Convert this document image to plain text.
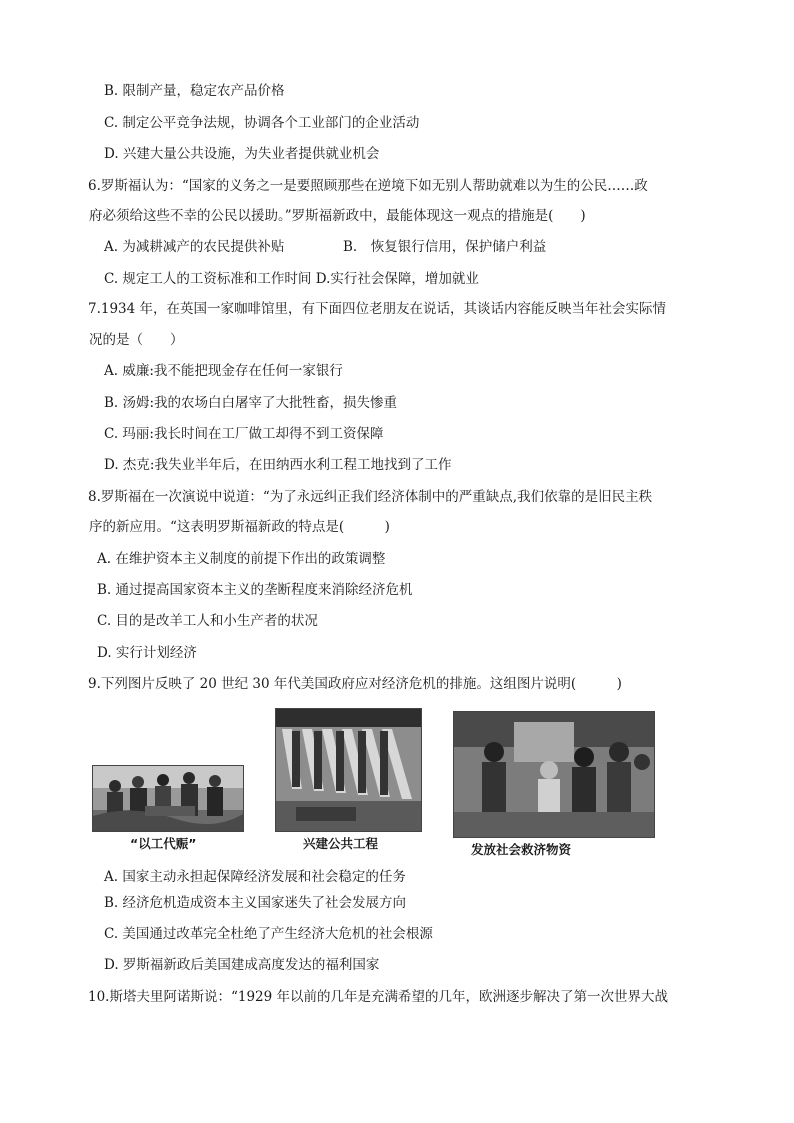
B. 限制产量，稳定农产品价格
C. 制定公平竞争法规，协调各个工业部门的企业活动
D. 兴建大量公共设施，为失业者提供就业机会
6.罗斯福认为：“国家的义务之一是要照顾那些在逆境下如无别人帮助就难以为生的公民……政
府必须给这些不幸的公民以援助。”罗斯福新政中，最能体现这一观点的措施是(　　)
A. 为减耕减产的农民提供补贴	B.　恢复银行信用，保护储户利益
C. 规定工人的工资标准和工作时间 D.实行社会保障，增加就业
7.1934 年，在英国一家咖啡馆里，有下面四位老朋友在说话，其谈话内容能反映当年社会实际情
况的是（　　）
A. 威廉:我不能把现金存在任何一家银行
B. 汤姆:我的农场白白屠宰了大批牲畜，损失惨重
C. 玛丽:我长时间在工厂做工却得不到工资保障
D. 杰克:我失业半年后，在田纳西水利工程工地找到了工作
8.罗斯福在一次演说中说道：“为了永远纠正我们经济体制中的严重缺点,我们依靠的是旧民主秩
序的新应用。“这表明罗斯福新政的特点是(　　　)
A. 在维护资本主义制度的前提下作出的政策调整
B. 通过提高国家资本主义的垄断程度来消除经济危机
C. 目的是改羊工人和小生产者的状况
D. 实行计划经济
9.下列图片反映了 20 世纪 30 年代美国政府应对经济危机的排施。这组图片说明(　　　)
“以工代赈”	兴建公共工程	发放社会救济物资
A. 国家主动永担起保障经济发展和社会稳定的任务
B. 经济危机造成资本主义国家迷失了社会发展方向
C. 美国通过改革完全杜绝了产生经济大危机的社会根源
D. 罗斯福新政后美国建成高度发达的福利国家
10.斯塔夫里阿诺斯说：“1929 年以前的几年是充满希望的几年，欧洲逐步解决了第一次世界大战
